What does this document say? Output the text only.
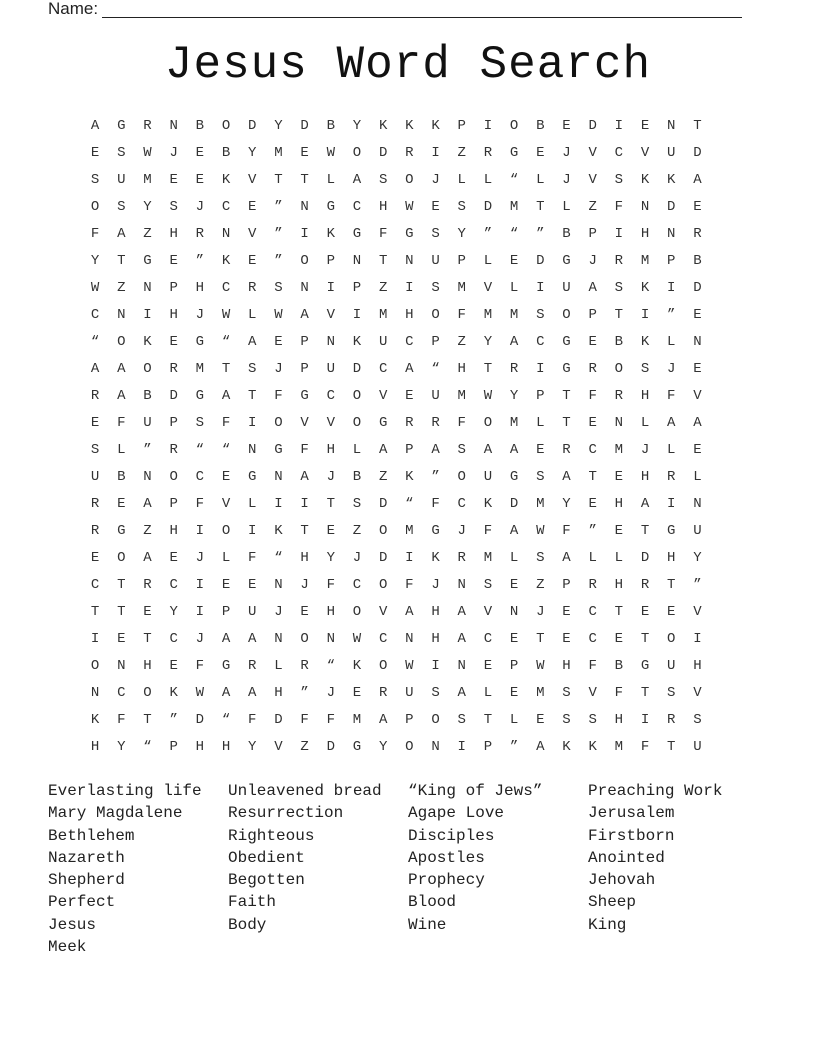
Name:
Jesus Word Search
A	G	R	N	B	O	D	Y	D	B	Y	K	K	K	P	I	O	B	E	D	I	E	N	T
E	S	W	J	E	B	Y	M	E	W	O	D	R	I	Z	R	G	E	J	V	C	V	U	D
S	U	M	E	E	K	V	T	T	L	A	S	O	J	L	L	“	L	J	V	S	K	K	A
O	S	Y	S	J	C	E	”	N	G	C	H	W	E	S	D	M	T	L	Z	F	N	D	E
F	A	Z	H	R	N	V	”	I	K	G	F	G	S	Y	”	“	”	B	P	I	H	N	R
Y	T	G	E	”	K	E	”	O	P	N	T	N	U	P	L	E	D	G	J	R	M	P	B
W	Z	N	P	H	C	R	S	N	I	P	Z	I	S	M	V	L	I	U	A	S	K	I	D
C	N	I	H	J	W	L	W	A	V	I	M	H	O	F	M	M	S	O	P	T	I	”	E
“	O	K	E	G	“	A	E	P	N	K	U	C	P	Z	Y	A	C	G	E	B	K	L	N
A	A	O	R	M	T	S	J	P	U	D	C	A	“	H	T	R	I	G	R	O	S	J	E
R	A	B	D	G	A	T	F	G	C	O	V	E	U	M	W	Y	P	T	F	R	H	F	V
E	F	U	P	S	F	I	O	V	V	O	G	R	R	F	O	M	L	T	E	N	L	A	A
S	L	”	R	“	“	N	G	F	H	L	A	P	A	S	A	A	E	R	C	M	J	L	E
U	B	N	O	C	E	G	N	A	J	B	Z	K	”	O	U	G	S	A	T	E	H	R	L
R	E	A	P	F	V	L	I	I	T	S	D	“	F	C	K	D	M	Y	E	H	A	I	N
R	G	Z	H	I	O	I	K	T	E	Z	O	M	G	J	F	A	W	F	”	E	T	G	U
E	O	A	E	J	L	F	“	H	Y	J	D	I	K	R	M	L	S	A	L	L	D	H	Y
C	T	R	C	I	E	E	N	J	F	C	O	F	J	N	S	E	Z	P	R	H	R	T	”
T	T	E	Y	I	P	U	J	E	H	O	V	A	H	A	V	N	J	E	C	T	E	E	V
I	E	T	C	J	A	A	N	O	N	W	C	N	H	A	C	E	T	E	C	E	T	O	I
O	N	H	E	F	G	R	L	R	“	K	O	W	I	N	E	P	W	H	F	B	G	U	H
N	C	O	K	W	A	A	H	”	J	E	R	U	S	A	L	E	M	S	V	F	T	S	V
K	F	T	”	D	“	F	D	F	F	M	A	P	O	S	T	L	E	S	S	H	I	R	S
H	Y	“	P	H	H	Y	V	Z	D	G	Y	O	N	I	P	”	A	K	K	M	F	T	U
Everlasting life	Unleavened bread	“King of Jews”	Preaching Work
Mary Magdalene	Resurrection	Agape Love	Jerusalem
Bethlehem	Righteous	Disciples	Firstborn
Nazareth	Obedient	Apostles	Anointed
Shepherd	Begotten	Prophecy	Jehovah
Perfect	Faith	Blood	Sheep
Jesus	Body	Wine	King
Meek
